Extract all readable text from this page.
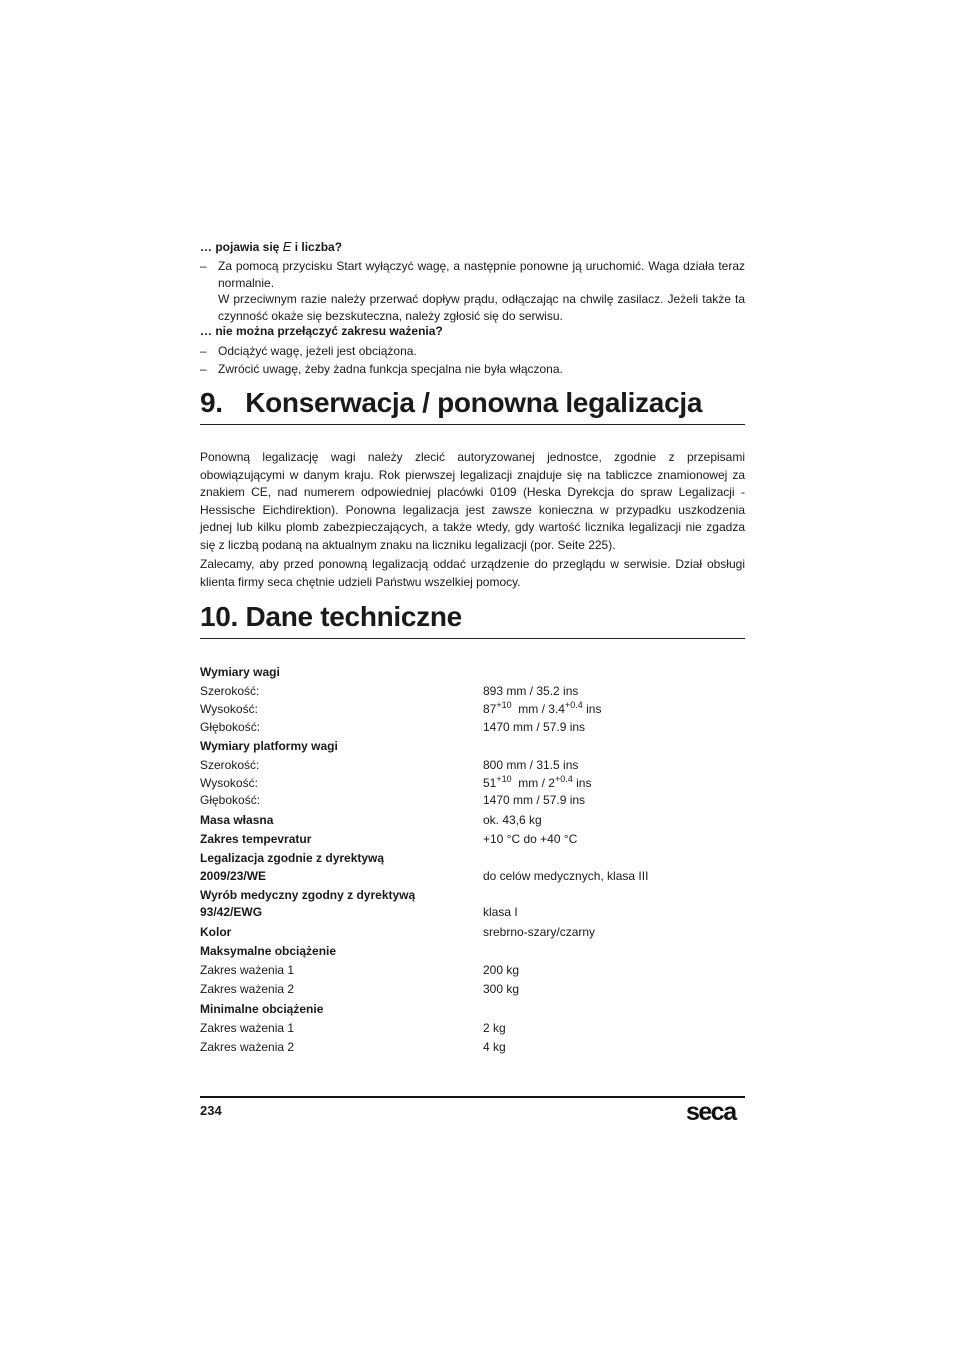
… pojawia się E i liczba?
– Za pomocą przycisku Start wyłączyć wagę, a następnie ponowne ją uruchomić. Waga działa teraz normalnie.
W przeciwnym razie należy przerwać dopływ prądu, odłączając na chwilę zasilacz. Jeżeli także ta czynność okaże się bezskuteczna, należy zgłosić się do serwisu.
… nie można przełączyć zakresu ważenia?
– Odciążyć wagę, jeżeli jest obciążona.
– Zwrócić uwagę, żeby żadna funkcja specjalna nie była włączona.
9.   Konserwacja / ponowna legalizacja
Ponowną legalizację wagi należy zlecić autoryzowanej jednostce, zgodnie z przepisami obowiązującymi w danym kraju. Rok pierwszej legalizacji znajduje się na tabliczce znamionowej za znakiem CE, nad numerem odpowiedniej placówki 0109 (Heska Dyrekcja do spraw Legalizacji - Hessische Eichdirektion). Ponowna legalizacja jest zawsze konieczna w przypadku uszkodzenia jednej lub kilku plomb zabezpieczających, a także wtedy, gdy wartość licznika legalizacji nie zgadza się z liczbą podaną na aktualnym znaku na liczniku legalizacji (por. Seite 225).
Zalecamy, aby przed ponowną legalizacją oddać urządzenie do przeglądu w serwisie. Dział obsługi klienta firmy seca chętnie udzieli Państwu wszelkiej pomocy.
10. Dane techniczne
Wymiary wagi
Szerokość:	893 mm / 35.2 ins
Wysokość:	$87^{+10}$  mm / $3.4^{+0.4}$ ins
Głębokość:	1470 mm / 57.9 ins
Wymiary platformy wagi
Szerokość:	800 mm / 31.5 ins
Wysokość:	$51^{+10}$  mm / $2^{+0.4}$ ins
Głębokość:	1470 mm / 57.9 ins
Masa własna	ok. 43,6 kg
Zakres tempevratur	+10 °C do +40 °C
Legalizacja zgodnie z dyrektywą
2009/23/WE	do celów medycznych, klasa III
Wyrób medyczny zgodny z dyrektywą
93/42/EWG	klasa I
Kolor	srebrno-szary/czarny
Maksymalne obciążenie
Zakres ważenia 1	200 kg
Zakres ważenia 2	300 kg
Minimalne obciążenie
Zakres ważenia 1	2 kg
Zakres ważenia 2	4 kg
234	seca
